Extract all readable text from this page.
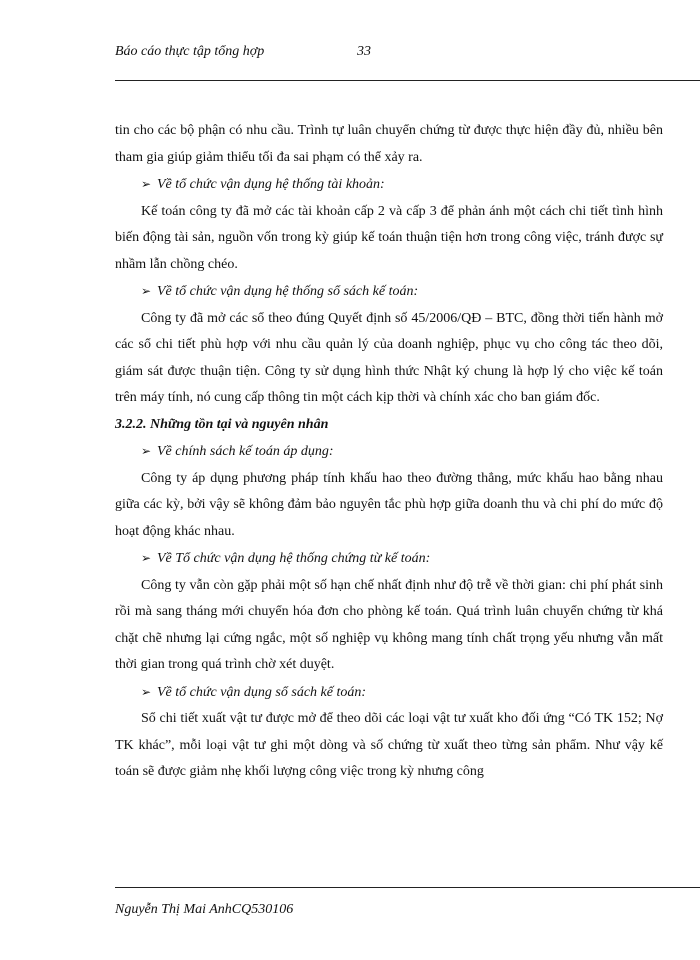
Báo cáo thực tập tổng hợp	33

tin cho các bộ phận có nhu cầu. Trình tự luân chuyển chứng từ được thực hiện đầy đủ, nhiều bên tham gia giúp giảm thiểu tối đa sai phạm có thể xảy ra.

➢ Về tổ chức vận dụng hệ thống tài khoản:

Kế toán công ty đã mở các tài khoản cấp 2 và cấp 3 để phản ánh một cách chi tiết tình hình biến động tài sản, nguồn vốn trong kỳ giúp kế toán thuận tiện hơn trong công việc, tránh được sự nhầm lẫn chồng chéo.

➢ Về tổ chức vận dụng hệ thống sổ sách kế toán:

Công ty đã mở các sổ theo đúng Quyết định số 45/2006/QĐ – BTC, đồng thời tiến hành mở các sổ chi tiết phù hợp với nhu cầu quản lý của doanh nghiệp, phục vụ cho công tác theo dõi, giám sát được thuận tiện. Công ty sử dụng hình thức Nhật ký chung là hợp lý cho việc kế toán trên máy tính, nó cung cấp thông tin một cách kịp thời và chính xác cho ban giám đốc.

3.2.2. Những tồn tại và nguyên nhân

➢ Về chính sách kế toán áp dụng:

Công ty áp dụng phương pháp tính khấu hao theo đường thẳng, mức khấu hao bằng nhau giữa các kỳ, bởi vậy sẽ không đảm bảo nguyên tắc phù hợp giữa doanh thu và chi phí do mức độ hoạt động khác nhau.

➢ Về Tổ chức vận dụng hệ thống chứng từ kế toán:

Công ty vẫn còn gặp phải một số hạn chế nhất định như độ trễ về thời gian: chi phí phát sinh rồi mà sang tháng mới chuyển hóa đơn cho phòng kế toán. Quá trình luân chuyển chứng từ khá chặt chẽ nhưng lại cứng ngắc, một số nghiệp vụ không mang tính chất trọng yếu nhưng vẫn mất thời gian trong quá trình chờ xét duyệt.

➢ Về tổ chức vận dụng sổ sách kế toán:

Sổ chi tiết xuất vật tư được mở để theo dõi các loại vật tư xuất kho đối ứng “Có TK 152; Nợ TK khác”, mỗi loại vật tư ghi một dòng và số chứng từ xuất theo từng sản phẩm. Như vậy kế toán sẽ được giảm nhẹ khối lượng công việc trong kỳ nhưng công

Nguyễn Thị Mai AnhCQ530106
